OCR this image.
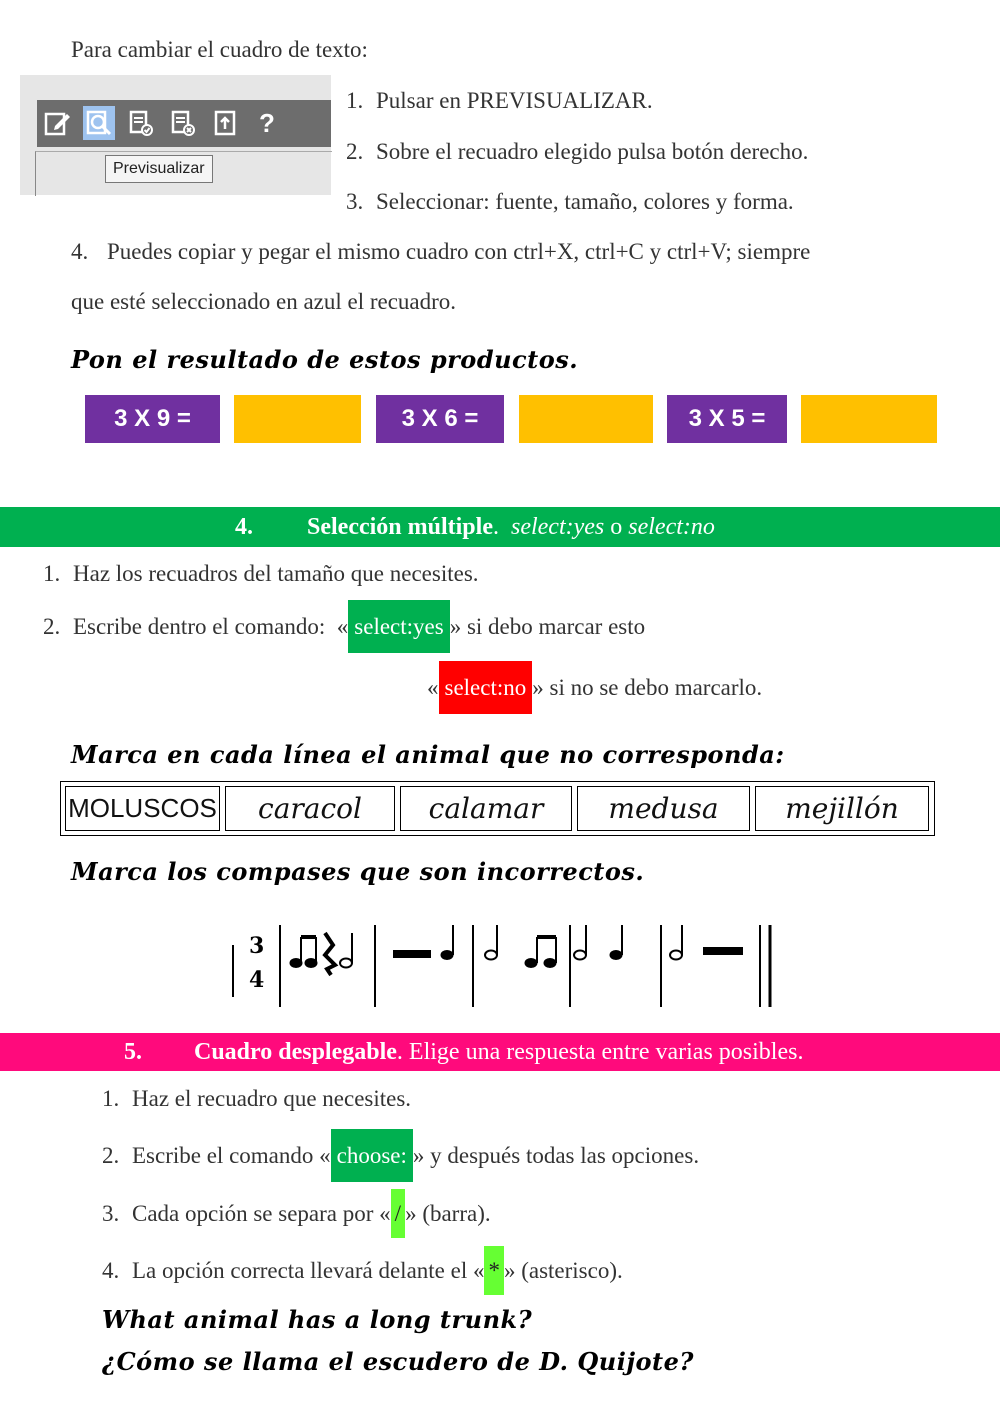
Para cambiar el cuadro de texto:
?
Previsualizar
1. Pulsar en PREVISUALIZAR.
2. Sobre el recuadro elegido pulsa botón derecho.
3. Seleccionar: fuente, tamaño, colores y forma.
4. Puedes copiar y pegar el mismo cuadro con ctrl+X, ctrl+C y ctrl+V; siempre
que esté seleccionado en azul el recuadro.
Pon el resultado de estos productos.
3 X 9 =	3 X 6 =	3 X 5 =
4. Selección múltiple. select:yes o select:no
1. Haz los recuadros del tamaño que necesites.
2. Escribe dentro el comando: « select:yes » si debo marcar esto
« select:no » si no se debo marcarlo.
Marca en cada línea el animal que no corresponda:
MOLUSCOS	caracol	calamar	medusa	mejillón
Marca los compases que son incorrectos.
3
4
5. Cuadro desplegable. Elige una respuesta entre varias posibles.
1. Haz el recuadro que necesites.
2. Escribe el comando « choose: » y después todas las opciones.
3. Cada opción se separa por « / » (barra).
4. La opción correcta llevará delante el « * » (asterisco).
What animal has a long trunk?
¿Cómo se llama el escudero de D. Quijote?
